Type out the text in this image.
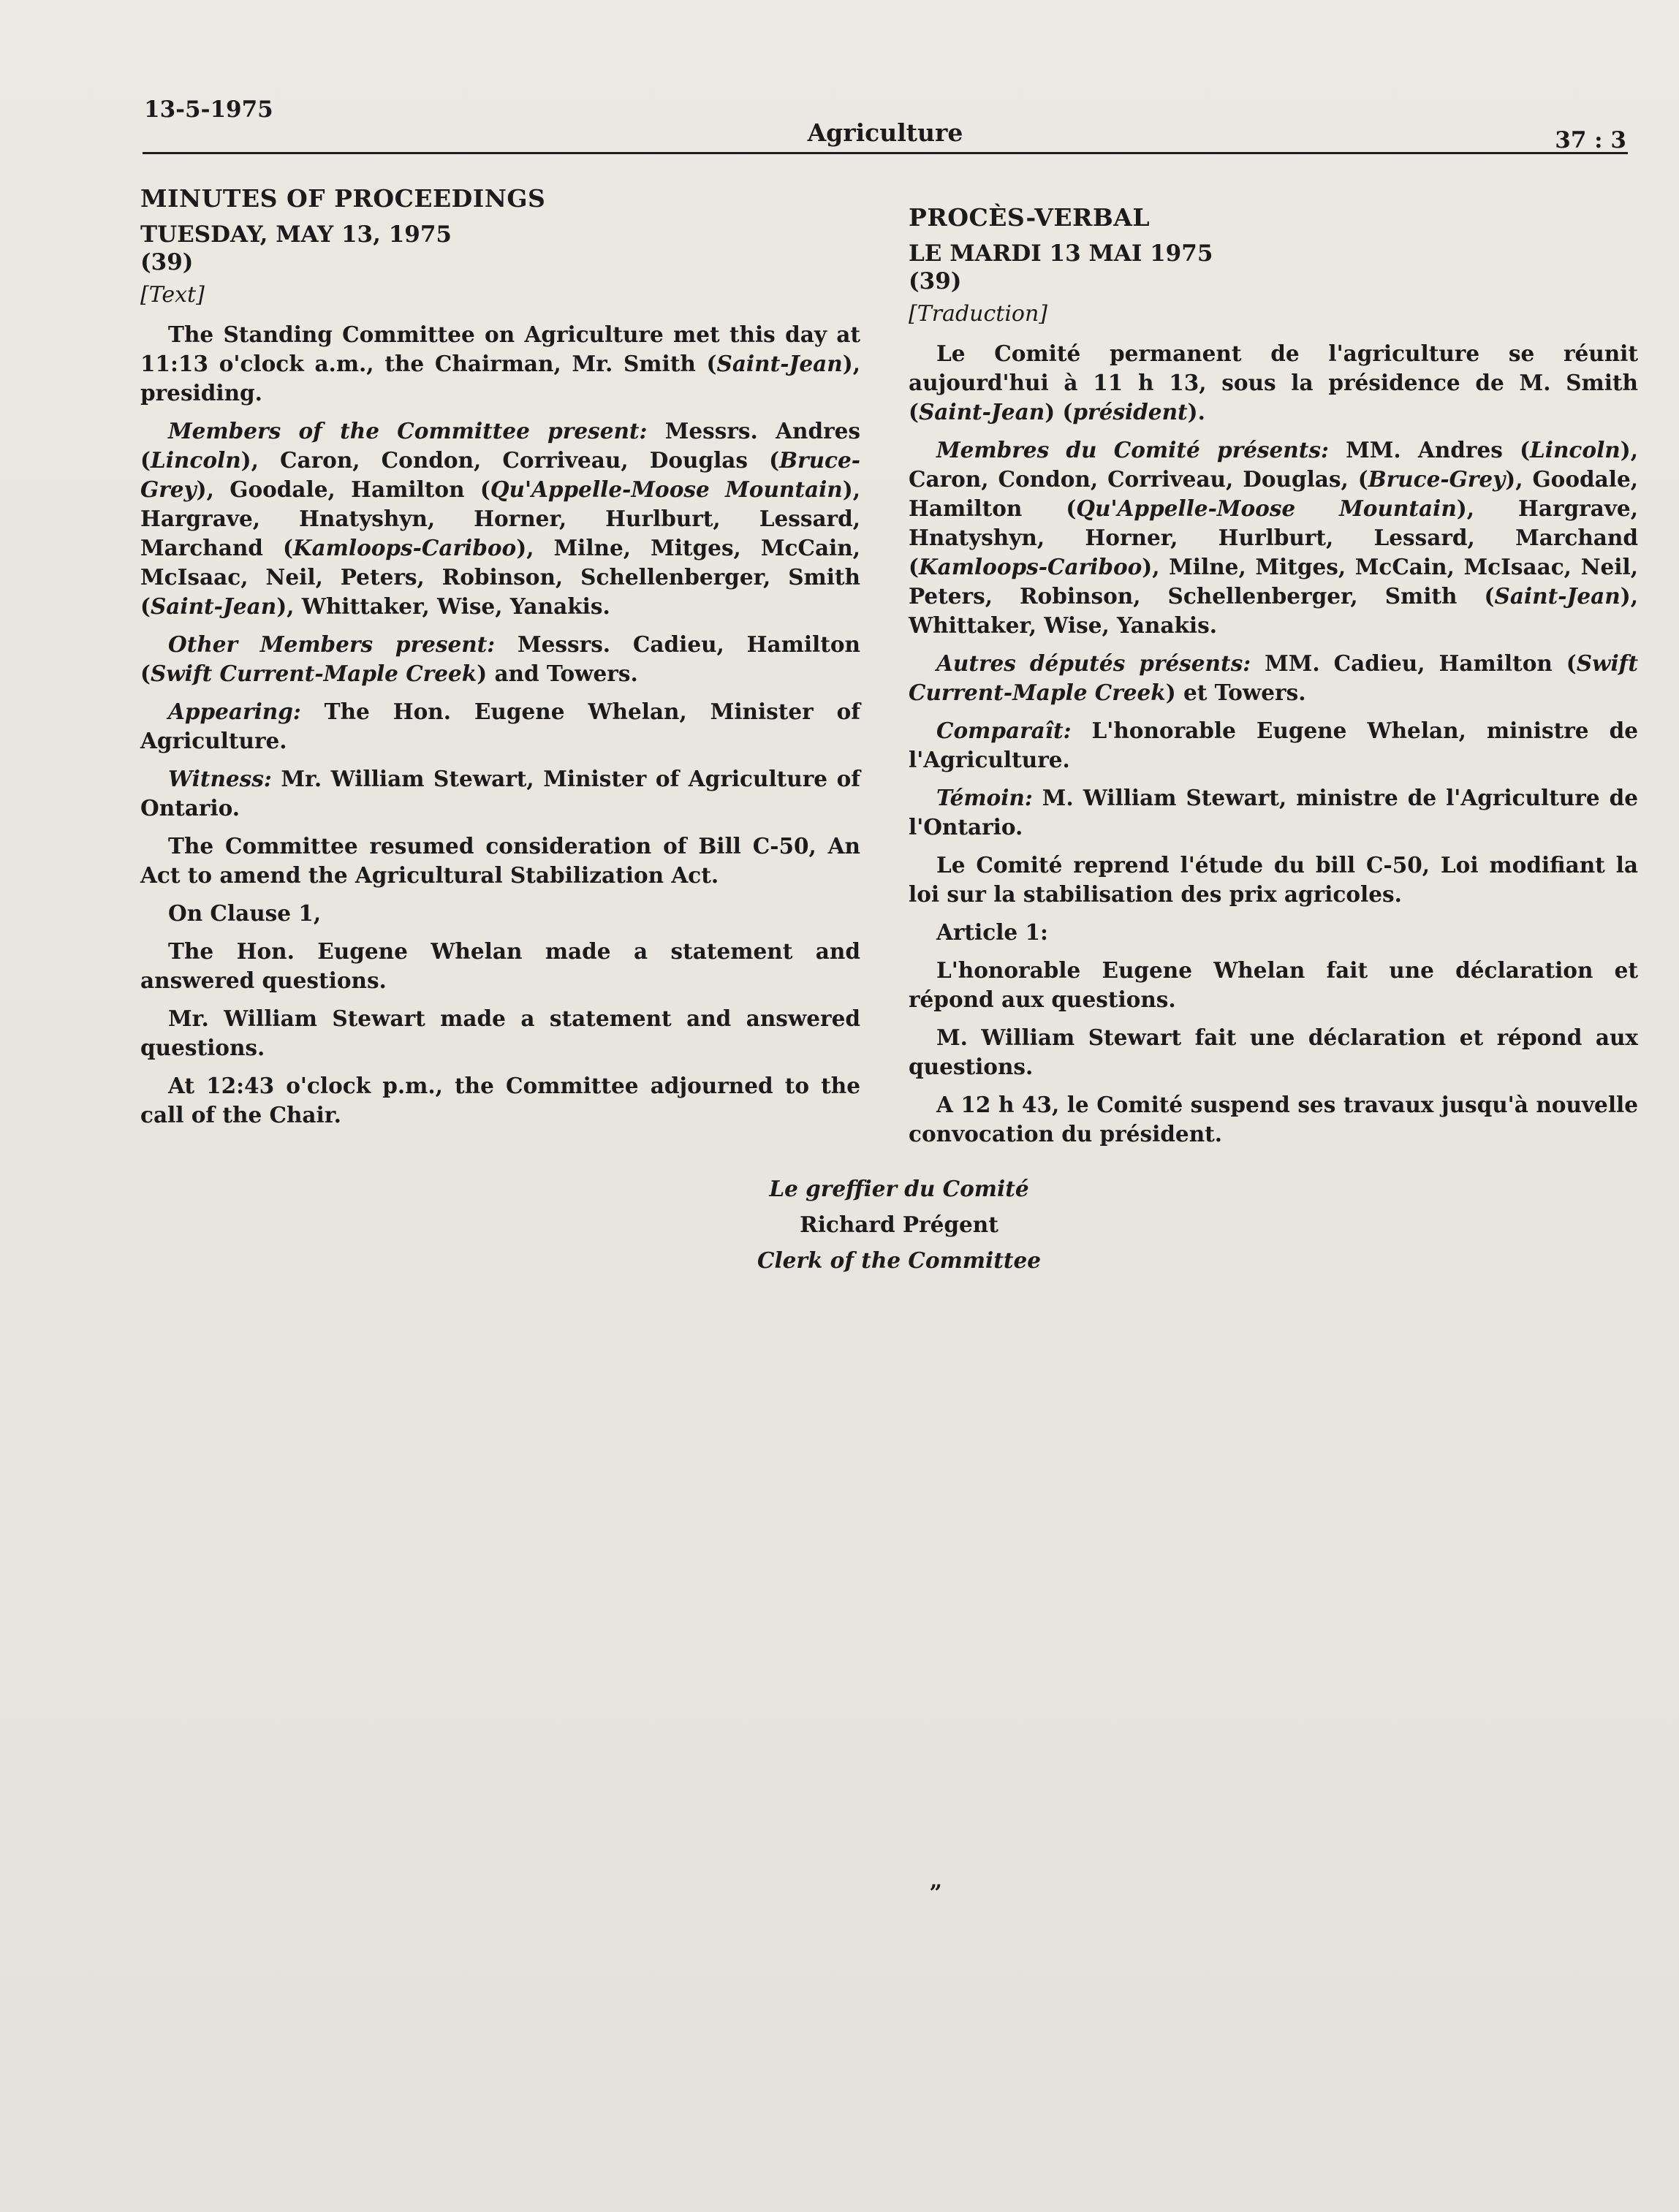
13-5-1975
Agriculture	37 : 3
MINUTES OF PROCEEDINGS
TUESDAY, MAY 13, 1975
(39)
[Text]

The Standing Committee on Agriculture met this day at 11:13 o'clock a.m., the Chairman, Mr. Smith (Saint-Jean), presiding.

Members of the Committee present: Messrs. Andres (Lincoln), Caron, Condon, Corriveau, Douglas (Bruce-Grey), Goodale, Hamilton (Qu'Appelle-Moose Mountain), Hargrave, Hnatyshyn, Horner, Hurlburt, Lessard, Marchand (Kamloops-Cariboo), Milne, Mitges, McCain, McIsaac, Neil, Peters, Robinson, Schellenberger, Smith (Saint-Jean), Whittaker, Wise, Yanakis.

Other Members present: Messrs. Cadieu, Hamilton (Swift Current-Maple Creek) and Towers.

Appearing: The Hon. Eugene Whelan, Minister of Agriculture.

Witness: Mr. William Stewart, Minister of Agriculture of Ontario.

The Committee resumed consideration of Bill C-50, An Act to amend the Agricultural Stabilization Act.

On Clause 1,

The Hon. Eugene Whelan made a statement and answered questions.

Mr. William Stewart made a statement and answered questions.

At 12:43 o'clock p.m., the Committee adjourned to the call of the Chair.

PROCÈS-VERBAL
LE MARDI 13 MAI 1975
(39)
[Traduction]

Le Comité permanent de l'agriculture se réunit aujourd'hui à 11 h 13, sous la présidence de M. Smith (Saint-Jean) (président).

Membres du Comité présents: MM. Andres (Lincoln), Caron, Condon, Corriveau, Douglas, (Bruce-Grey), Goodale, Hamilton (Qu'Appelle-Moose Mountain), Hargrave, Hnatyshyn, Horner, Hurlburt, Lessard, Marchand (Kamloops-Cariboo), Milne, Mitges, McCain, McIsaac, Neil, Peters, Robinson, Schellenberger, Smith (Saint-Jean), Whittaker, Wise, Yanakis.

Autres députés présents: MM. Cadieu, Hamilton (Swift Current-Maple Creek) et Towers.

Comparaît: L'honorable Eugene Whelan, ministre de l'Agriculture.

Témoin: M. William Stewart, ministre de l'Agriculture de l'Ontario.

Le Comité reprend l'étude du bill C-50, Loi modifiant la loi sur la stabilisation des prix agricoles.

Article 1:

L'honorable Eugene Whelan fait une déclaration et répond aux questions.

M. William Stewart fait une déclaration et répond aux questions.

A 12 h 43, le Comité suspend ses travaux jusqu'à nouvelle convocation du président.

Le greffier du Comité
Richard Prégent
Clerk of the Committee
„
